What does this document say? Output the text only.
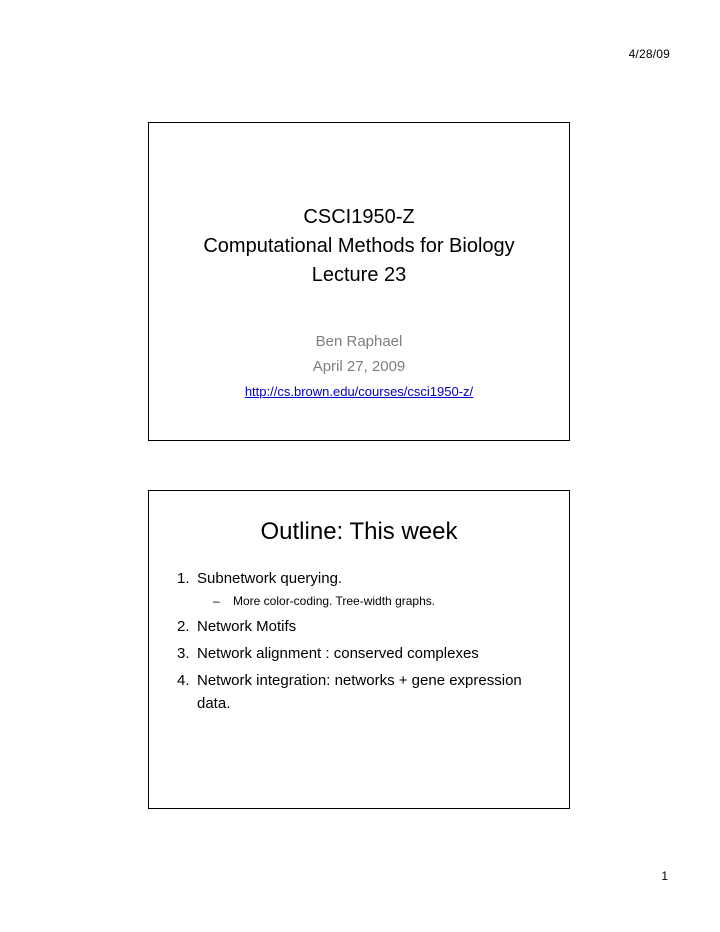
4/28/09
CSCI1950-Z
Computational Methods for Biology
Lecture 23
Ben Raphael
April 27, 2009
http://cs.brown.edu/courses/csci1950-z/
Outline: This week
1. Subnetwork querying.
–	More color-coding. Tree-width graphs.
2. Network Motifs
3. Network alignment : conserved complexes
4. Network integration: networks + gene expression data.
1
